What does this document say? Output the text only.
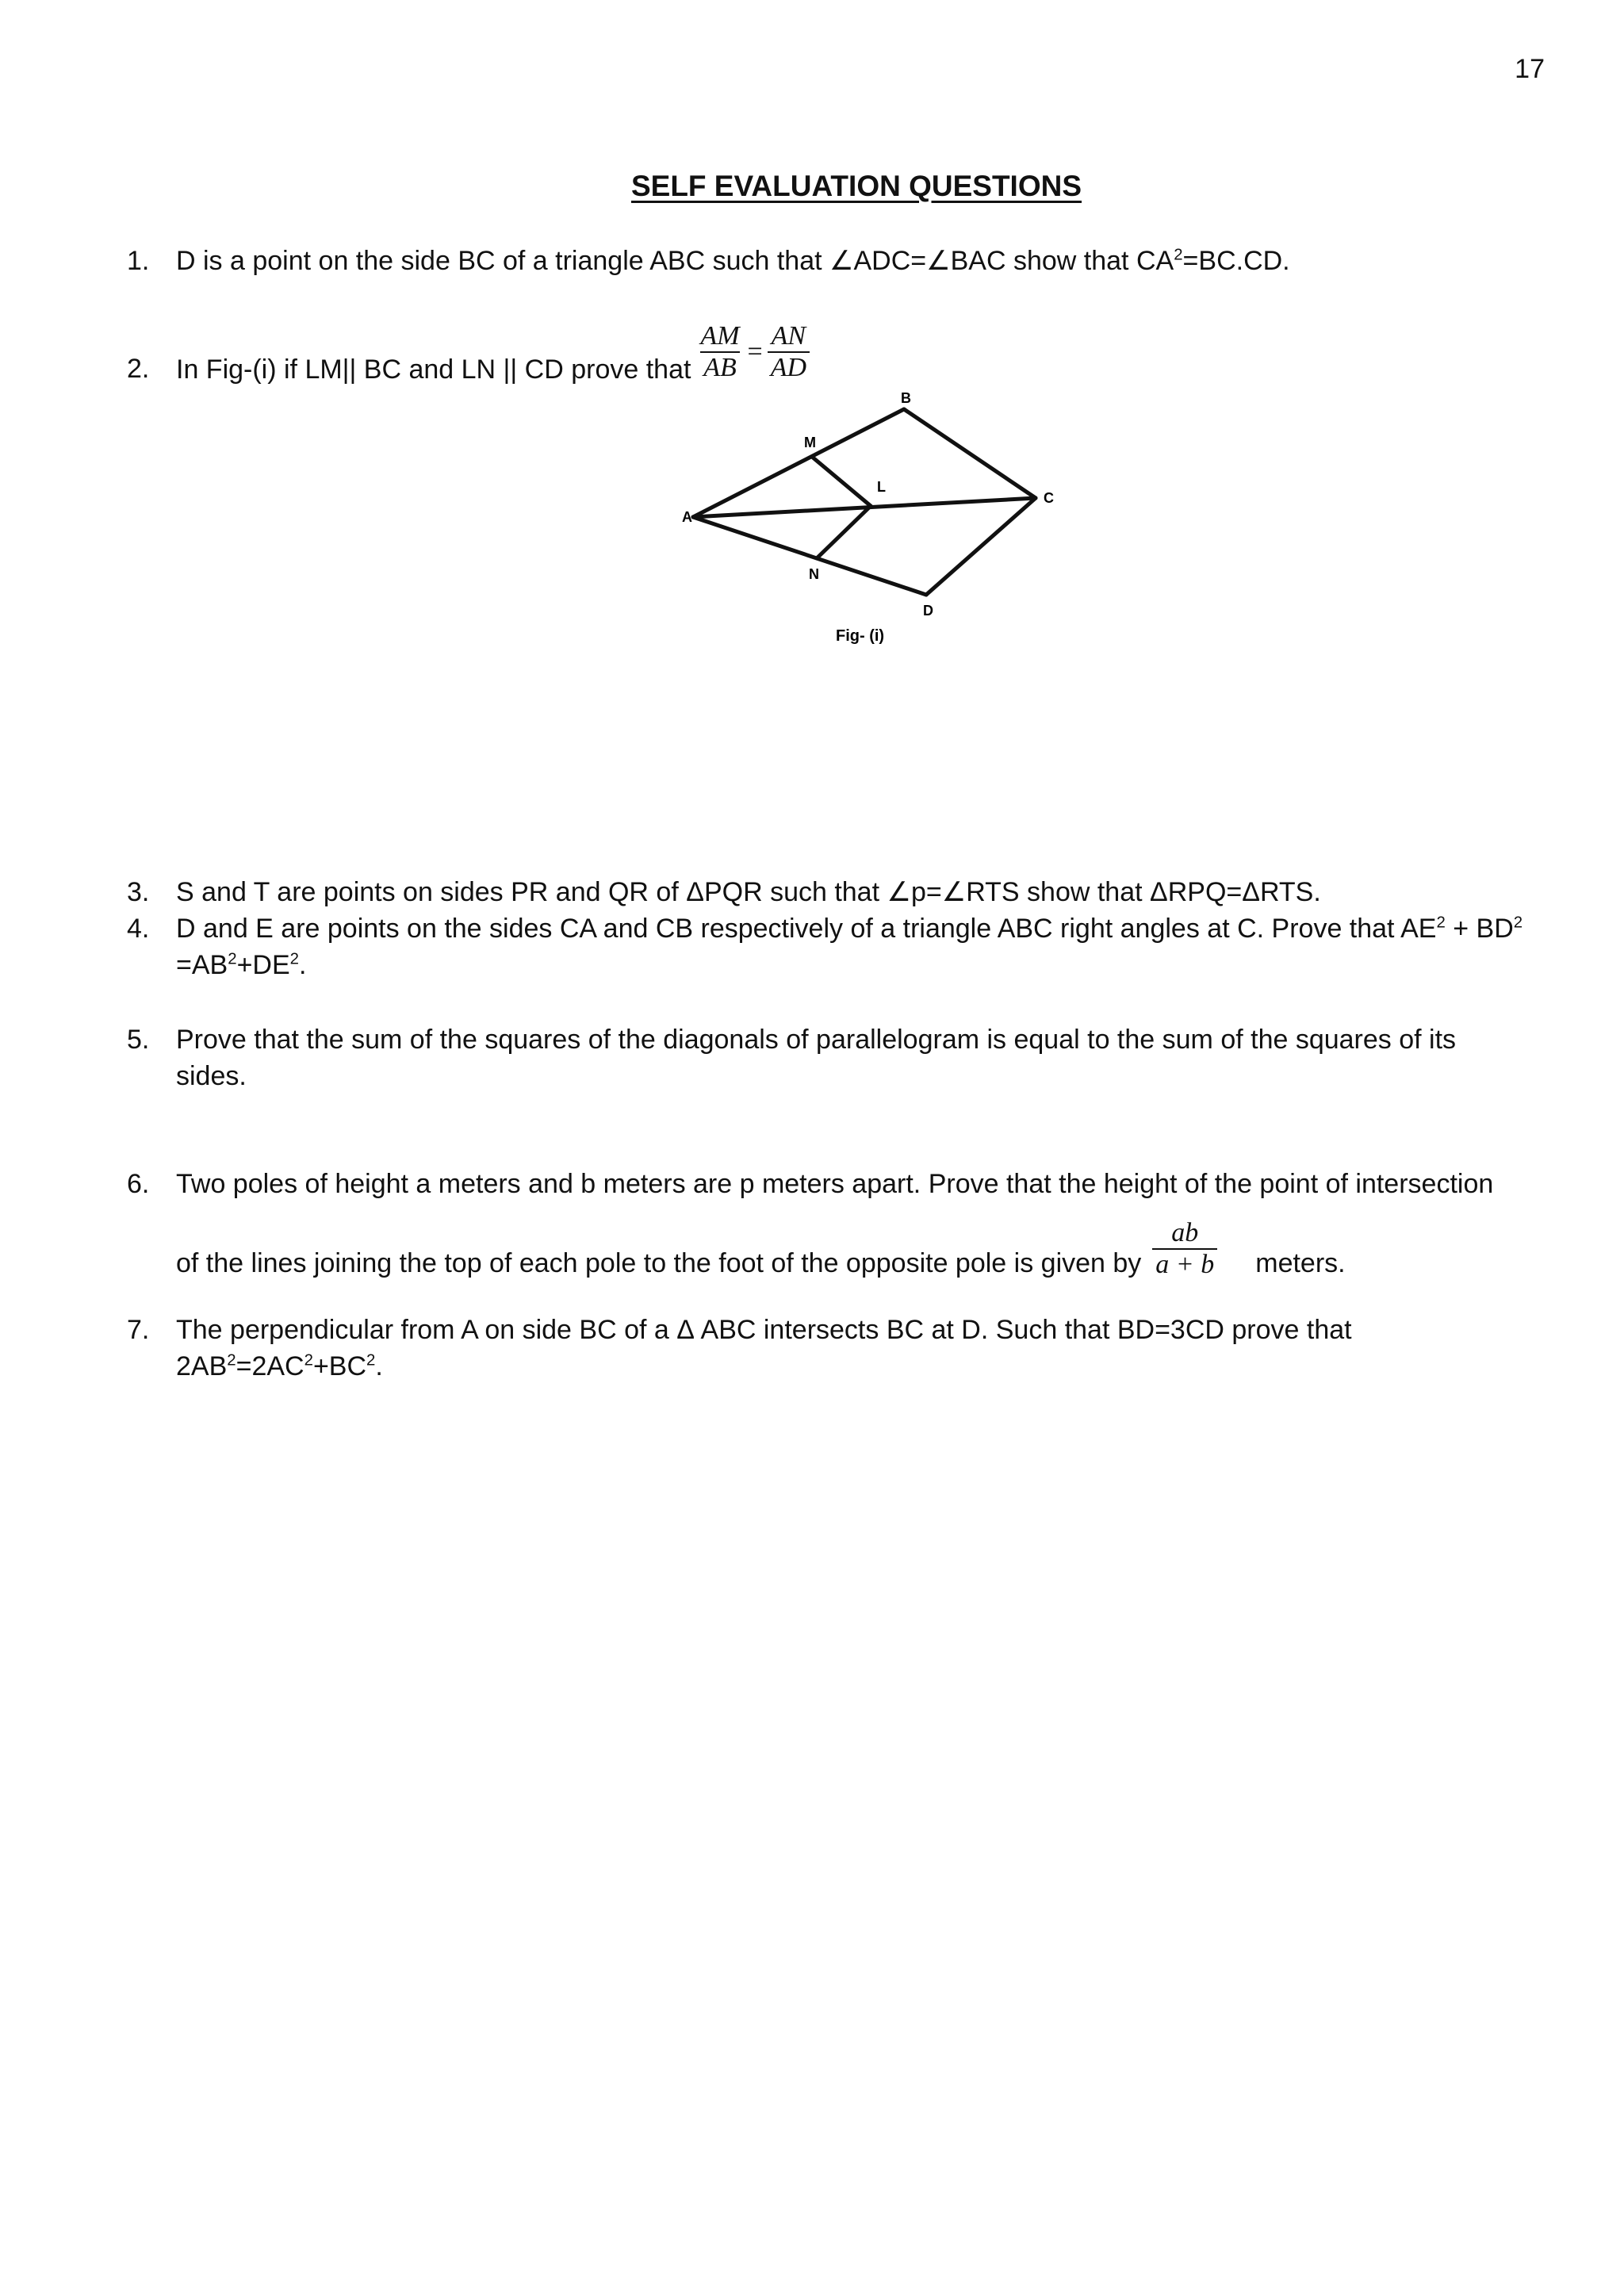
17
SELF EVALUATION QUESTIONS
1. D is a point on the side BC of a triangle ABC such that ∠ADC=∠BAC show that $CA^2=BC.CD$.
2. In Fig-(i) if LM|| BC and LN || CD prove that $\frac{AM}{AB} = \frac{AN}{AD}$
A
B
C
D
L
M
N
Fig- (i)
3. S and T are points on sides PR and QR of ΔPQR such that ∠p=∠RTS show that ΔRPQ=ΔRTS.
4. D and E are points on the sides CA and CB respectively of a triangle ABC right angles at C. Prove that $AE^2 + BD^2$
$=AB^2+DE^2$.
5. Prove that the sum of the squares of the diagonals of parallelogram is equal to the sum of the squares of its
sides.
6. Two poles of height a meters and b meters are p meters apart. Prove that the height of the point of intersection
of the lines joining the top of each pole to the foot of the opposite pole is given by $\frac{ab}{a + b}$ meters.
7. The perpendicular from A on side BC of a Δ ABC intersects BC at D. Such that BD=3CD prove that
$2AB^2=2AC^2+BC^2$.
